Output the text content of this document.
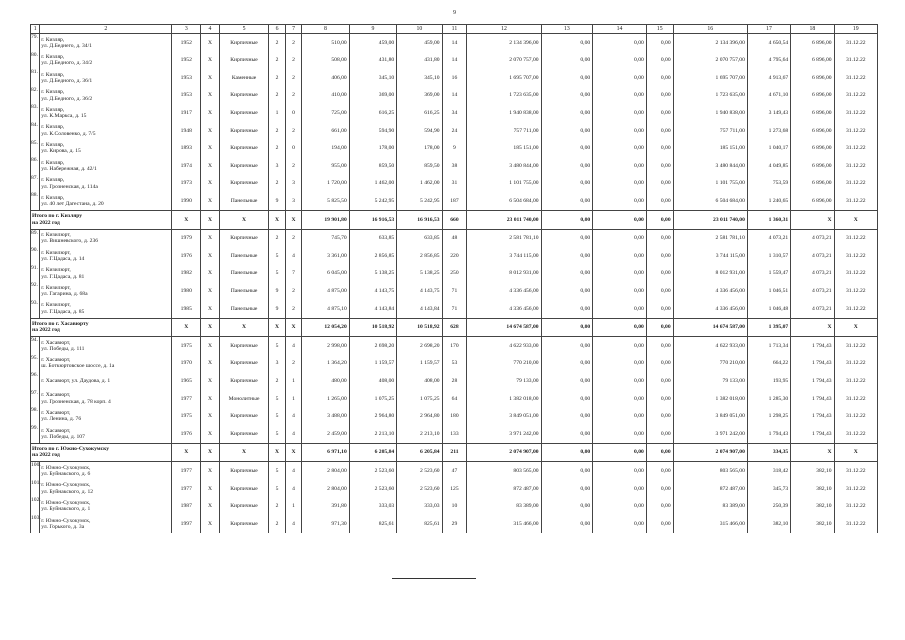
9
1	2	3	4	5	6	7	8	9	10	11	12	13	14	15	16	17	18	19
79.	г. Кизляр,
ул. Д.Беднего, д. 34/1	1952	X	Кирпичные	2	2	510,00	459,00	459,00	14	2 134 396,00	0,00	0,00	0,00	2 134 396,00	4 650,54	6 896,00	31.12.22
80.	г. Кизляр,
ул. Д.Бедного, д. 34/2	1952	X	Кирпичные	2	2	508,00	431,80	431,80	14	2 070 757,00	0,00	0,00	0,00	2 070 757,00	4 795,64	6 896,00	31.12.22
81.	г. Кизляр,
ул. Д.Бедного, д. 36/1	1953	X	Каменные	2	2	406,00	345,10	345,10	16	1 695 707,00	0,00	0,00	0,00	1 695 707,00	4 913,67	6 896,00	31.12.22
82.	г. Кизляр,
ул. Д.Бедного, д. 36/2	1953	X	Кирпичные	2	2	410,00	369,00	369,00	14	1 723 635,00	0,00	0,00	0,00	1 723 635,00	4 671,10	6 896,00	31.12.22
83.	г. Кизляр,
ул. К.Маркса, д. 15	1917	X	Кирпичные	1	0	725,00	616,25	616,25	34	1 940 838,00	0,00	0,00	0,00	1 940 838,00	3 149,43	6 896,00	31.12.22
84.	г. Кизляр,
ул. К.Соловенко, д. 7/5	1948	X	Кирпичные	2	2	661,00	594,90	594,90	24	757 711,00	0,00	0,00	0,00	757 711,00	1 273,68	6 896,00	31.12.22
85.	г. Кизляр,
ул. Кирова, д. 15	1893	X	Кирпичные	2	0	194,00	178,00	178,00	9	185 151,00	0,00	0,00	0,00	185 151,00	1 040,17	6 896,00	31.12.22
86.	г. Кизляр,
ул. Набережная, д. 42/1	1974	X	Кирпичные	3	2	955,00	859,50	859,50	38	3 480 844,00	0,00	0,00	0,00	3 480 844,00	4 049,85	6 896,00	31.12.22
87.	г. Кизляр,
ул. Грозненская, д. 114а	1973	X	Кирпичные	2	3	1 720,00	1 462,00	1 462,00	31	1 101 755,00	0,00	0,00	0,00	1 101 755,00	753,59	6 896,00	31.12.22
88.	г. Кизляр,
ул. 40 лет Дагестана, д. 20	1990	X	Панельные	9	3	5 825,50	5 242,95	5 242,95	187	6 504 684,00	0,00	0,00	0,00	6 504 684,00	1 240,65	6 896,00	31.12.22

Итого по г. Кизляру
на 2022 год		X	X	X	X	X	19 901,80	16 916,53	16 916,53	660	23 011 740,00	0,00	0,00	0,00	23 011 740,00	1 360,31	X	X
89.	г. Кизилюрт,
ул. Вишневского, д. 236	1979	X	Кирпичные	2	2	745,70	633,85	633,85	48	2 581 781,10	0,00	0,00	0,00	2 581 781,10	4 073,21	4 073,21	31.12.22
90.	г. Кизилюрт,
ул. Г.Цадаса, д. 14	1976	X	Панельные	5	4	3 361,00	2 856,85	2 856,85	220	3 744 115,00	0,00	0,00	0,00	3 744 115,00	1 310,57	4 073,21	31.12.22
91.	г. Кизилюрт,
ул. Г.Цадаса, д. 81	1982	X	Панельные	5	7	6 045,00	5 138,25	5 138,25	250	8 012 931,00	0,00	0,00	0,00	8 012 931,00	1 559,47	4 073,21	31.12.22
92.	г. Кизилюрт,
ул. Гагарина, д. 68а	1980	X	Панельные	9	2	4 875,00	4 143,75	4 143,75	71	4 336 456,00	0,00	0,00	0,00	4 336 456,00	1 046,51	4 073,21	31.12.22
93.	г. Кизилюрт,
ул. Г.Цадаса, д. 85	1985	X	Панельные	9	2	4 875,10	4 143,84	4 143,84	71	4 336 456,00	0,00	0,00	0,00	4 336 456,00	1 046,48	4 073,21	31.12.22

Итого по г. Хасавюрту
на 2022 год		X	X	X	X	X	12 054,20	10 518,92	10 518,92	628	14 674 587,00	0,00	0,00	0,00	14 674 587,00	1 395,07	X	X
94.	г. Хасавюрт,
ул. Победы, д. 111	1975	X	Кирпичные	5	4	2 998,00	2 698,20	2 698,20	170	4 622 933,00	0,00	0,00	0,00	4 622 933,00	1 713,34	1 794,43	31.12.22
95.	г. Хасавюрт,
ш. Боткюртовское шоссе, д. 1а	1970	X	Кирпичные	3	2	1 364,20	1 159,57	1 159,57	53	770 210,00	0,00	0,00	0,00	770 210,00	664,22	1 794,43	31.12.22
96.	г. Хасавюрт, ул. Даудова, д. 1	1965	X	Кирпичные	2	1	480,00	408,00	408,00	28	79 133,00	0,00	0,00	0,00	79 133,00	193,95	1 794,43	31.12.22
97.	г. Хасавюрт,
ул. Грозненская, д. 78 корп. 4	1977	X	Монолитные	5	1	1 265,00	1 075,25	1 075,25	64	1 382 018,00	0,00	0,00	0,00	1 382 018,00	1 285,30	1 794,43	31.12.22
98.	г. Хасавюрт,
ул. Ленина, д. 76	1975	X	Кирпичные	5	4	3 488,00	2 964,80	2 964,80	180	3 849 051,00	0,00	0,00	0,00	3 849 051,00	1 298,25	1 794,43	31.12.22
99.	г. Хасавюрт,
ул. Победы, д. 107	1976	X	Кирпичные	5	4	2 459,00	2 213,10	2 213,10	133	3 971 242,00	0,00	0,00	0,00	3 971 242,00	1 794,43	1 794,43	31.12.22

Итого по г. Южно-Сухокумску
на 2022 год		X	X	X	X	X	6 971,10	6 205,84	6 205,84	211	2 074 907,00	0,00	0,00	0,00	2 074 907,00	334,35	X	X
100.	г. Южно-Сухокумск,
ул. Буйнакского, д. 6	1977	X	Кирпичные	5	4	2 804,00	2 523,60	2 523,60	47	803 565,00	0,00	0,00	0,00	803 565,00	318,42	382,10	31.12.22
101.	г. Южно-Сухокумск,
ул. Буйнакского, д. 12	1977	X	Кирпичные	5	4	2 804,00	2 523,60	2 523,60	125	872 487,00	0,00	0,00	0,00	872 487,00	345,73	382,10	31.12.22
102.	г. Южно-Сухокумск,
ул. Буйнакского, д. 1	1987	X	Кирпичные	2	1	391,80	333,03	333,03	10	83 389,00	0,00	0,00	0,00	83 389,00	250,39	382,10	31.12.22
103.	г. Южно-Сухокумск,
ул. Горького, д. 3а	1997	X	Кирпичные	2	4	971,30	825,61	825,61	29	315 466,00	0,00	0,00	0,00	315 466,00	382,10	382,10	31.12.22
